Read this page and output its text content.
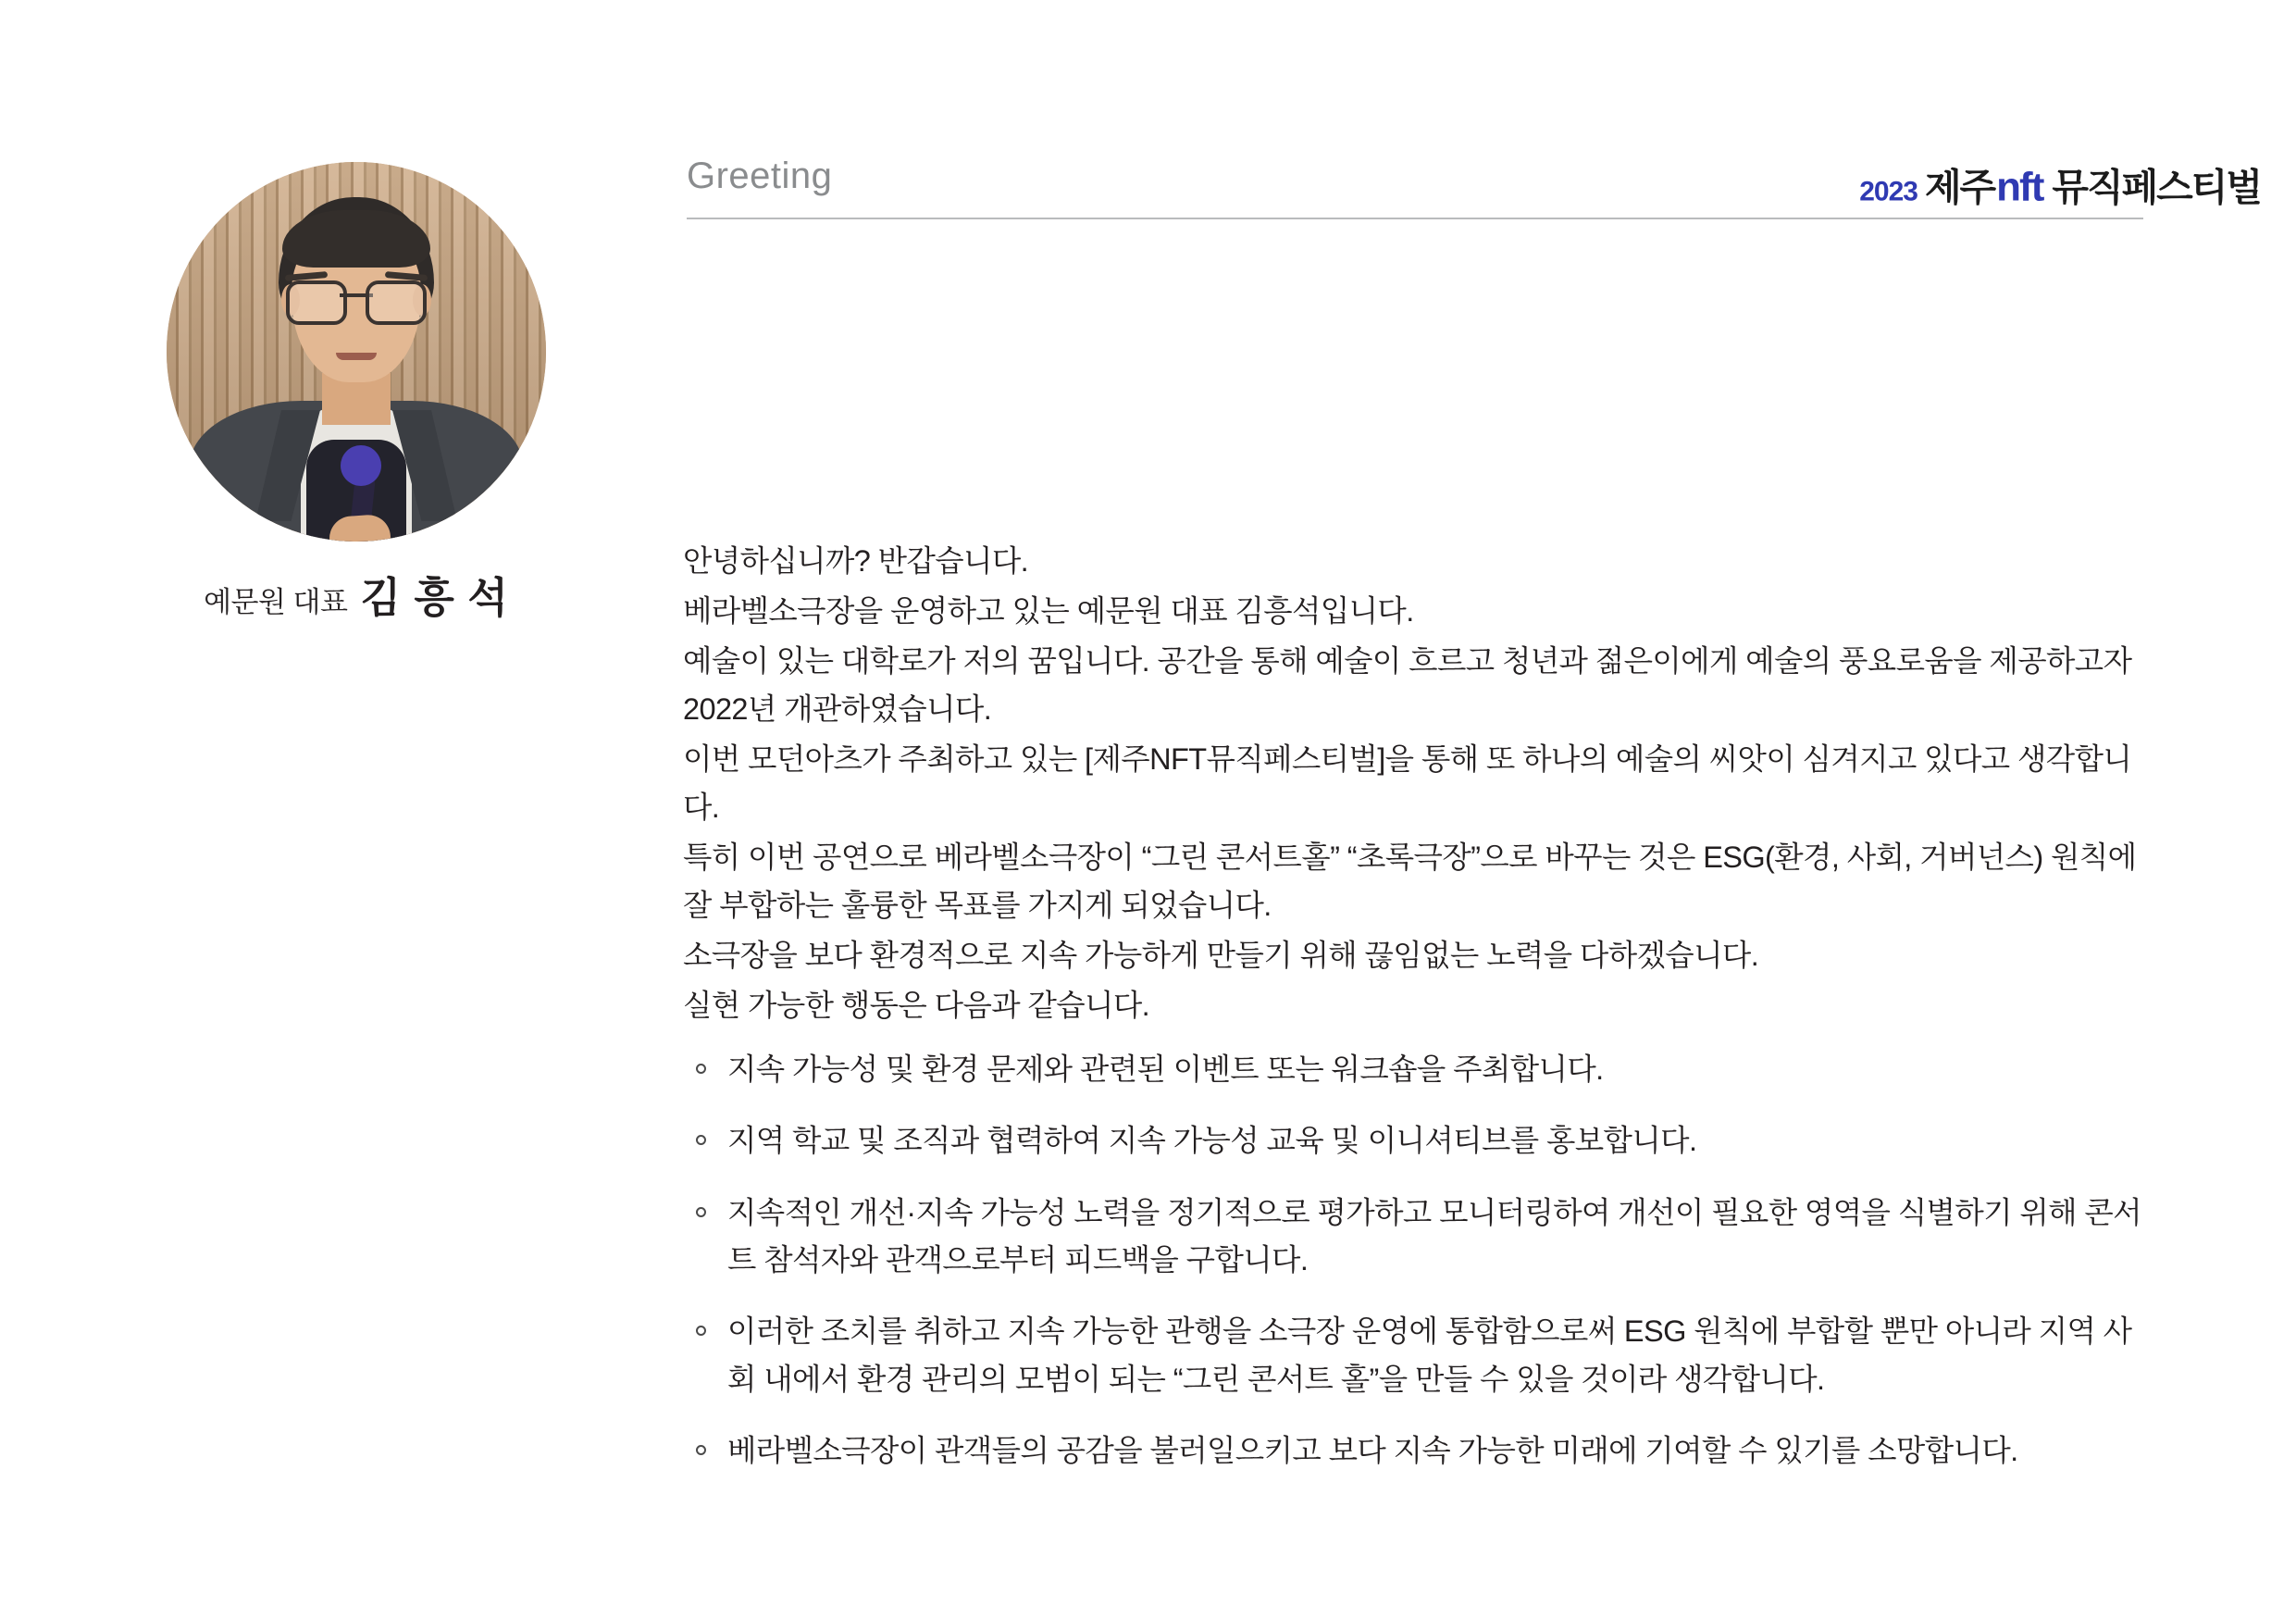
예문원 대표 김 흥 석
Greeting	2023 제주 nft 뮤직페스티벌

안녕하십니까? 반갑습니다.

베라벨소극장을 운영하고 있는 예문원 대표 김흥석입니다.

예술이 있는 대학로가 저의 꿈입니다. 공간을 통해 예술이 흐르고 청년과 젊은이에게 예술의 풍요로움을 제공하고자 2022년 개관하였습니다.

이번 모던아츠가 주최하고 있는 [제주NFT뮤직페스티벌]을 통해 또 하나의 예술의 씨앗이 심겨지고 있다고 생각합니다.

특히 이번 공연으로 베라벨소극장이 “그린 콘서트홀” “초록극장”으로 바꾸는 것은 ESG(환경, 사회, 거버넌스) 원칙에 잘 부합하는 훌륭한 목표를 가지게 되었습니다.

소극장을 보다 환경적으로 지속 가능하게 만들기 위해 끊임없는 노력을 다하겠습니다.

실현 가능한 행동은 다음과 같습니다.

지속 가능성 및 환경 문제와 관련된 이벤트 또는 워크숍을 주최합니다.
지역 학교 및 조직과 협력하여 지속 가능성 교육 및 이니셔티브를 홍보합니다.
지속적인 개선·지속 가능성 노력을 정기적으로 평가하고 모니터링하여 개선이 필요한 영역을 식별하기 위해 콘서트 참석자와 관객으로부터 피드백을 구합니다.
이러한 조치를 취하고 지속 가능한 관행을 소극장 운영에 통합함으로써 ESG 원칙에 부합할 뿐만 아니라 지역 사회 내에서 환경 관리의 모범이 되는 “그린 콘서트 홀”을 만들 수 있을 것이라 생각합니다.
베라벨소극장이 관객들의 공감을 불러일으키고 보다 지속 가능한 미래에 기여할 수 있기를 소망합니다.
